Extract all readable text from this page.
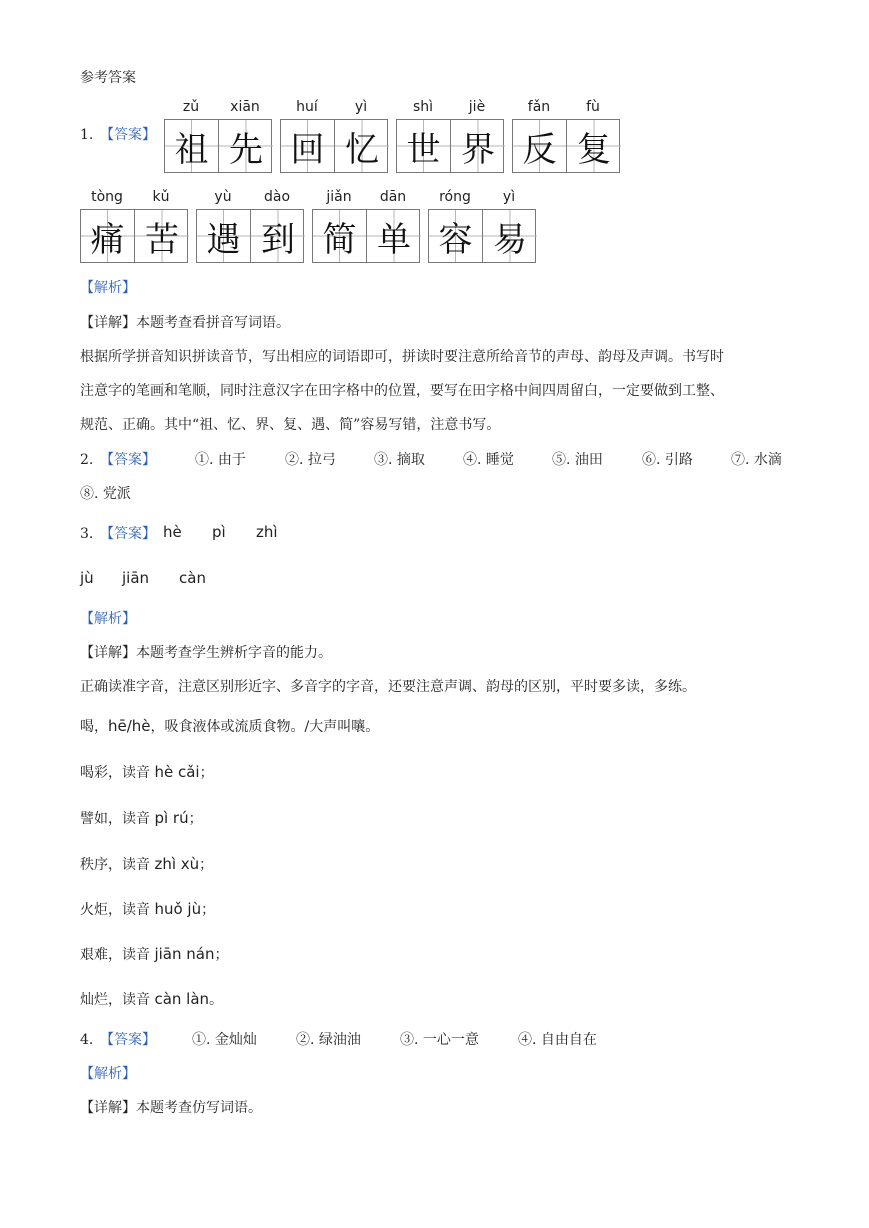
参考答案
1. 【答案】
zǔ	xiān
祖 先
huí	yì
回 忆
shì	jiè
世 界
fǎn	fù
反 复
tòng	kǔ
痛 苦
yù	dào
遇 到
jiǎn	dān
简 单
róng	yì
容 易
【解析】
【详解】本题考查看拼音写词语。
根据所学拼音知识拼读音节，写出相应的词语即可，拼读时要注意所给音节的声母、韵母及声调。书写时
注意字的笔画和笔顺，同时注意汉字在田字格中的位置，要写在田字格中间四周留白，一定要做到工整、
规范、正确。其中“祖、忆、界、复、遇、简”容易写错，注意书写。
2. 【答案】	①. 由于	②. 拉弓	③. 摘取	④. 睡觉	⑤. 油田	⑥. 引路	⑦. 水滴
⑧. 党派
3. 【答案】 hè pì zhì
jù jiān càn
【解析】
【详解】本题考查学生辨析字音的能力。
正确读准字音，注意区别形近字、多音字的字音，还要注意声调、韵母的区别，平时要多读，多练。
喝，hē/hè，吸食液体或流质食物。/大声叫嚷。
喝彩，读音 hè cǎi；
譬如，读音 pì rú；
秩序，读音 zhì xù；
火炬，读音 huǒ jù；
艰难，读音 jiān nán；
灿烂，读音 càn làn。
4. 【答案】	①. 金灿灿	②. 绿油油	③. 一心一意	④. 自由自在
【解析】
【详解】本题考查仿写词语。
